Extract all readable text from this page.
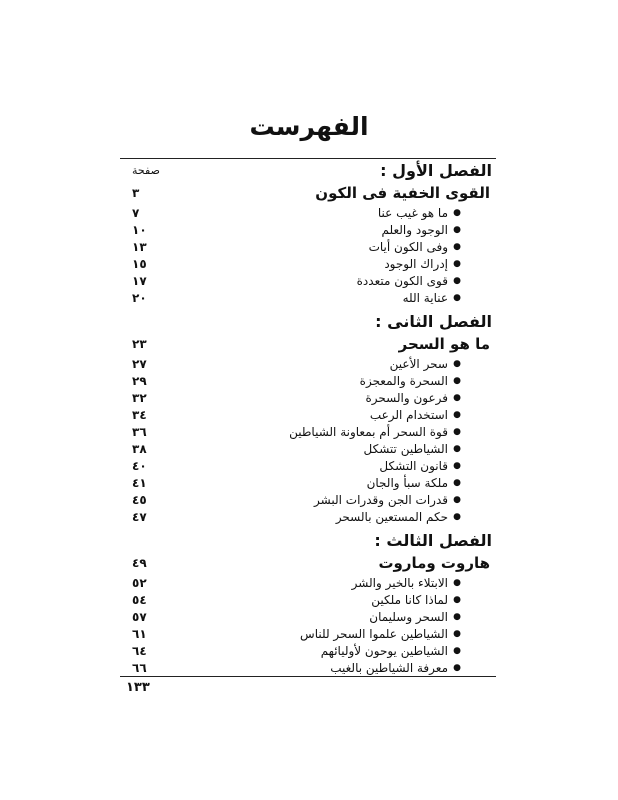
الفهرست
الفصل الأول :
صفحة
القوى الخفية فى الكون
٣
●
ما هو غيب عنا
٧
●
الوجود والعلم
١٠
●
وفى الكون أيات
١٣
●
إدراك الوجود
١٥
●
قوى الكون متعددة
١٧
●
عناية الله
٢٠
الفصل الثانى :
ما هو السحر
٢٣
●
سحر الأعين
٢٧
●
السحرة والمعجزة
٢٩
●
فرعون والسحرة
٣٢
●
استخدام الرعب
٣٤
●
قوة السحر أم بمعاونة الشياطين
٣٦
●
الشياطين تتشكل
٣٨
●
قانون التشكل
٤٠
●
ملكة سبأ والجان
٤١
●
قدرات الجن وقدرات البشر
٤٥
●
حكم المستعين بالسحر
٤٧
الفصل الثالث :
هاروت وماروت
٤٩
●
الابتلاء بالخير والشر
٥٢
●
لماذا كانا ملكين
٥٤
●
السحر وسليمان
٥٧
●
الشياطين علموا السحر للناس
٦١
●
الشياطين يوحون لأوليائهم
٦٤
●
معرفة الشياطين بالغيب
٦٦
١٣٣
